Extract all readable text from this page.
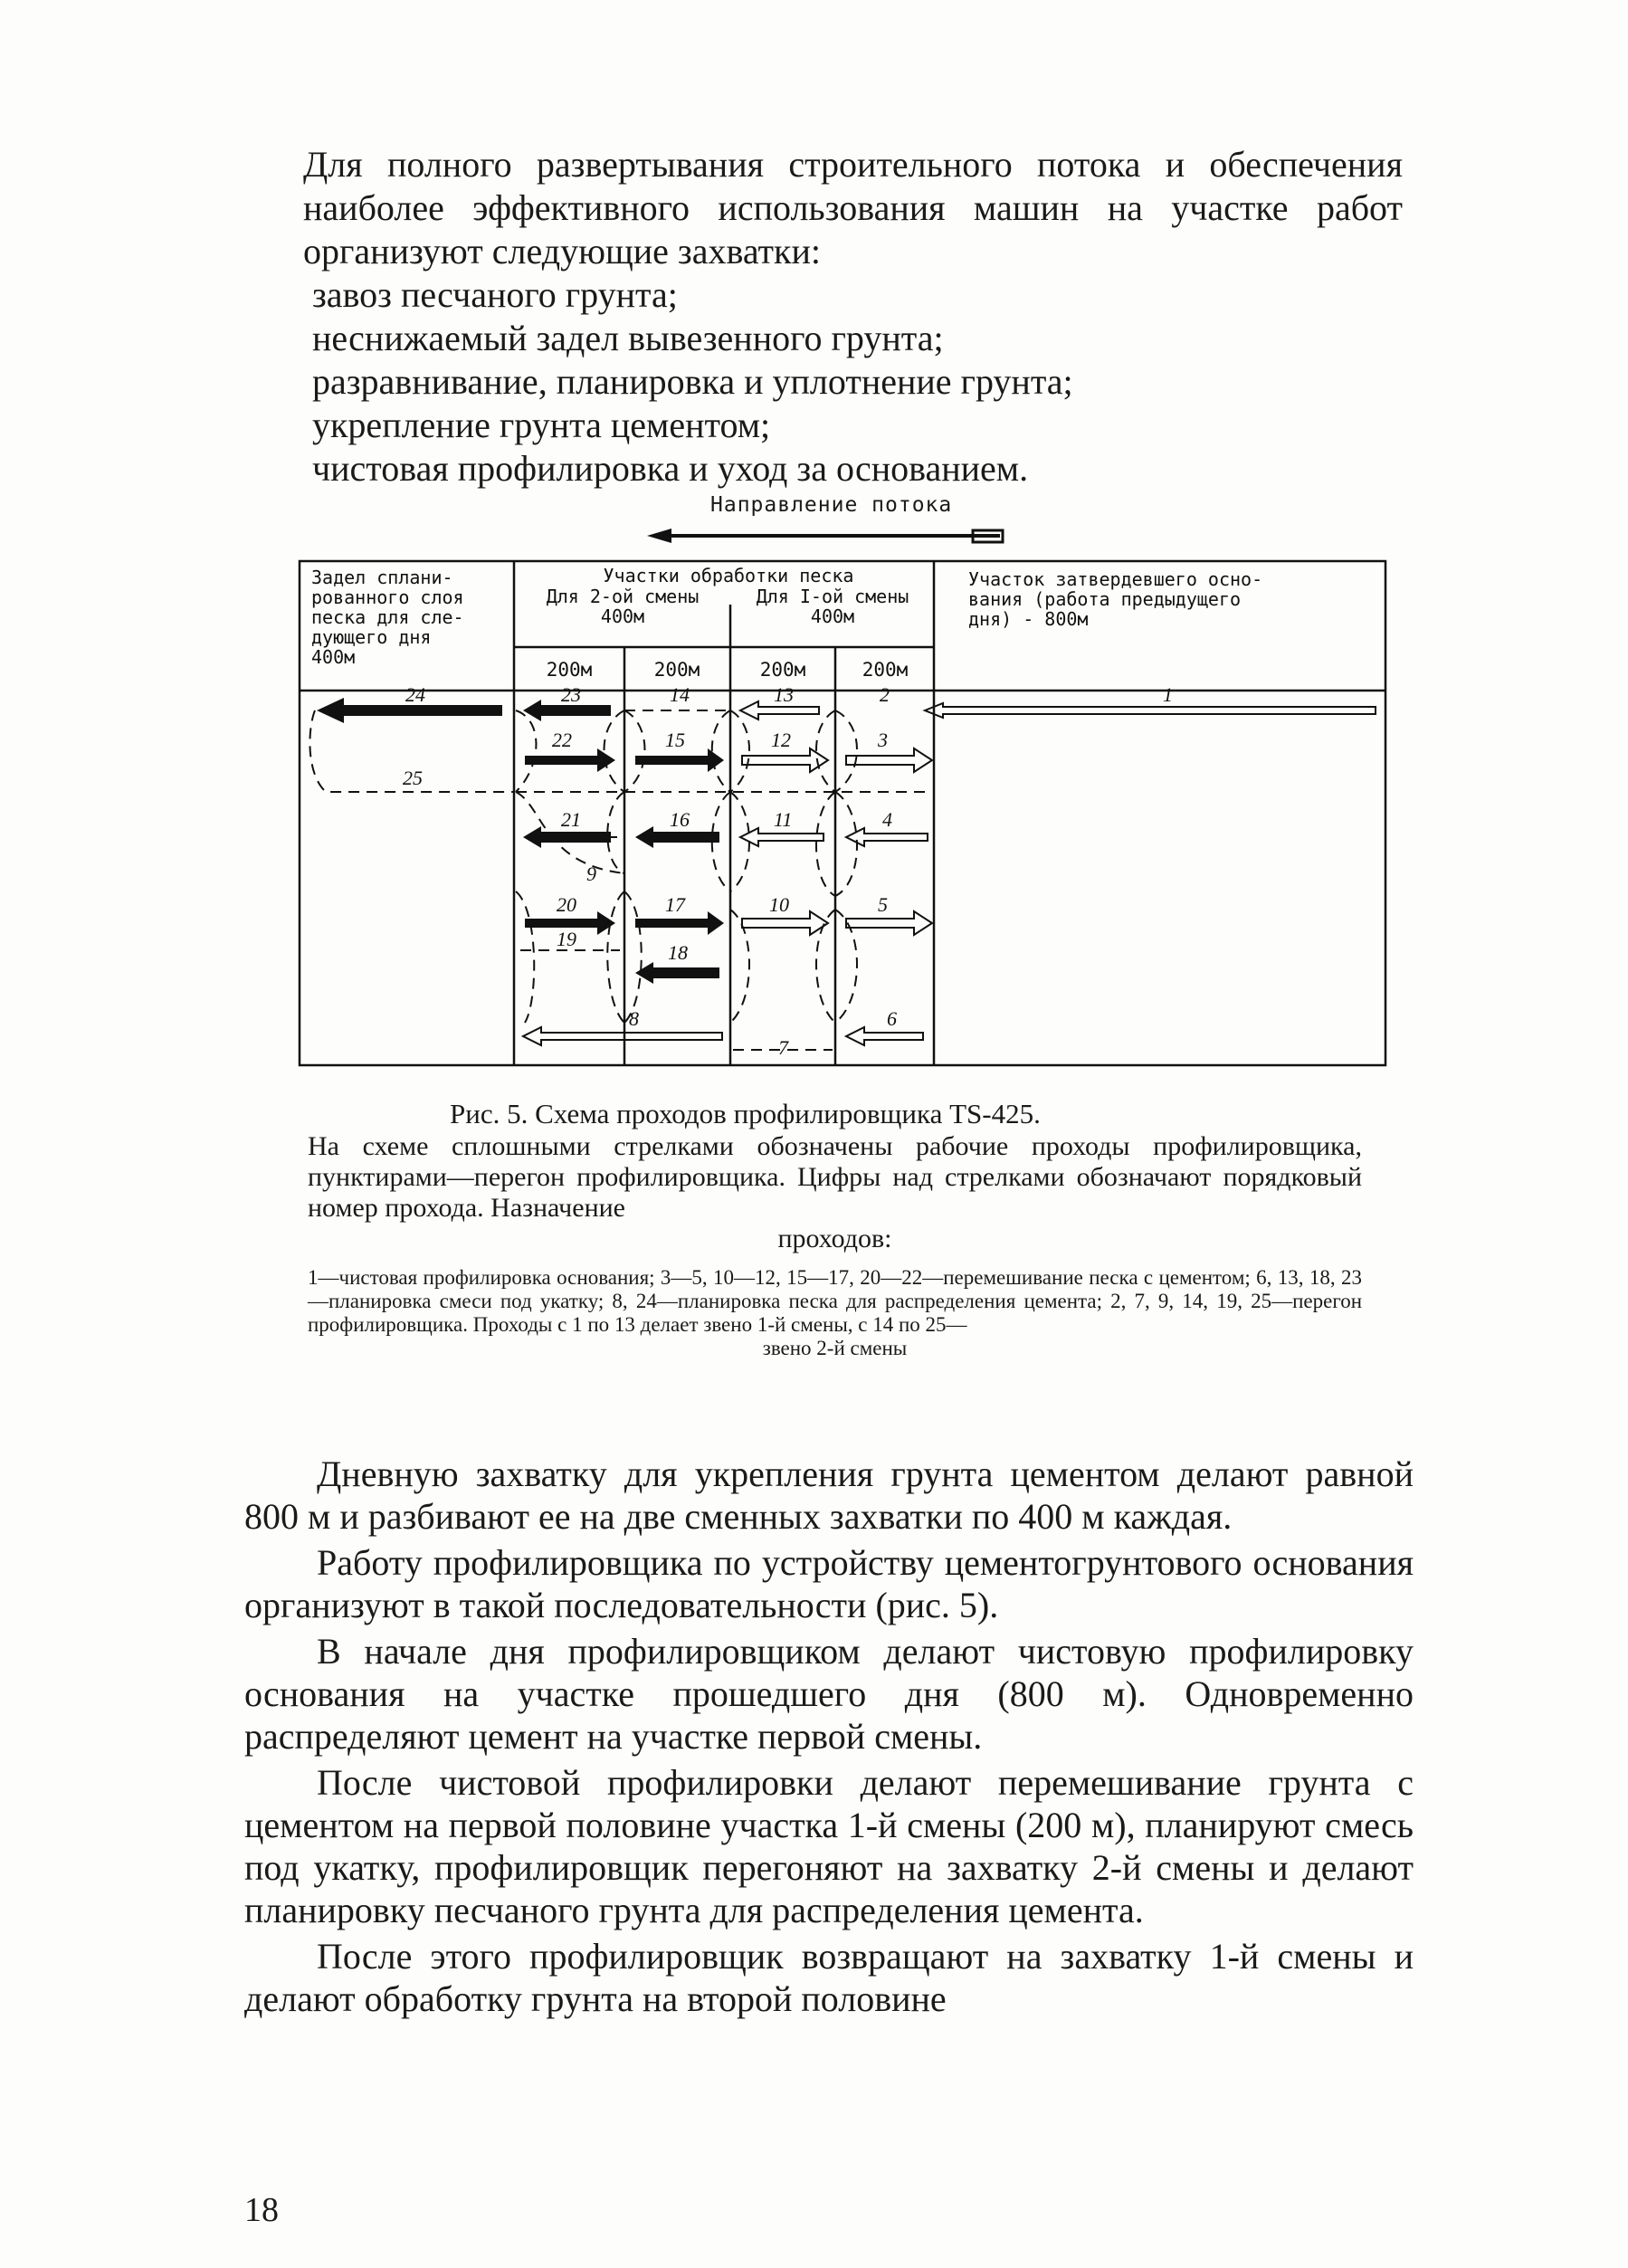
Для полного развертывания строительного потока и обеспечения наиболее эффективного использования машин на участке работ организуют следующие захватки:

завоз песчаного грунта;
неснижаемый задел вывезенного грунта;
разравнивание, планировка и уплотнение грунта;
укрепление грунта цементом;
чистовая профилировка и уход за основанием.
Направление потока
200м	200м	200м	200м
24	23	14	13	2	1
22	15	12	3
25
21	16	11	4
9
20	17	10	5
19
18
8
7
6
Задел сплани-
рованного слоя
песка для сле-
дующего дня
400м
Участки обработки песка
Для 2-ой смены
400м
Для I-ой смены
400м
Участок затвердевшего осно-
вания (работа предыдущего
дня) - 800м
Рис. 5. Схема проходов профилировщика TS-425.
На схеме сплошными стрелками обозначены рабочие проходы профилировщика, пунктирами—перегон профилировщика. Цифры над стрелками обозначают порядковый номер прохода. Назначение
проходов:
1—чистовая профилировка основания; 3—5, 10—12, 15—17, 20—22—перемешивание песка с цементом; 6, 13, 18, 23—планировка смеси под укатку; 8, 24—планировка песка для распределения цемента; 2, 7, 9, 14, 19, 25—перегон профилировщика. Проходы с 1 по 13 делает звено 1-й смены, с 14 по 25—
звено 2-й смены

Дневную захватку для укрепления грунта цементом делают равной 800 м и разбивают ее на две сменных захватки по 400 м каждая.

Работу профилировщика по устройству цементогрунтового основания организуют в такой последовательности (рис. 5).

В начале дня профилировщиком делают чистовую профилировку основания на участке прошедшего дня (800 м). Одновременно распределяют цемент на участке первой смены.

После чистовой профилировки делают перемешивание грунта с цементом на первой половине участка 1-й смены (200 м), планируют смесь под укатку, профилировщик перегоняют на захватку 2-й смены и делают планировку песчаного грунта для распределения цемента.

После этого профилировщик возвращают на захватку 1-й смены и делают обработку грунта на второй половине

18
